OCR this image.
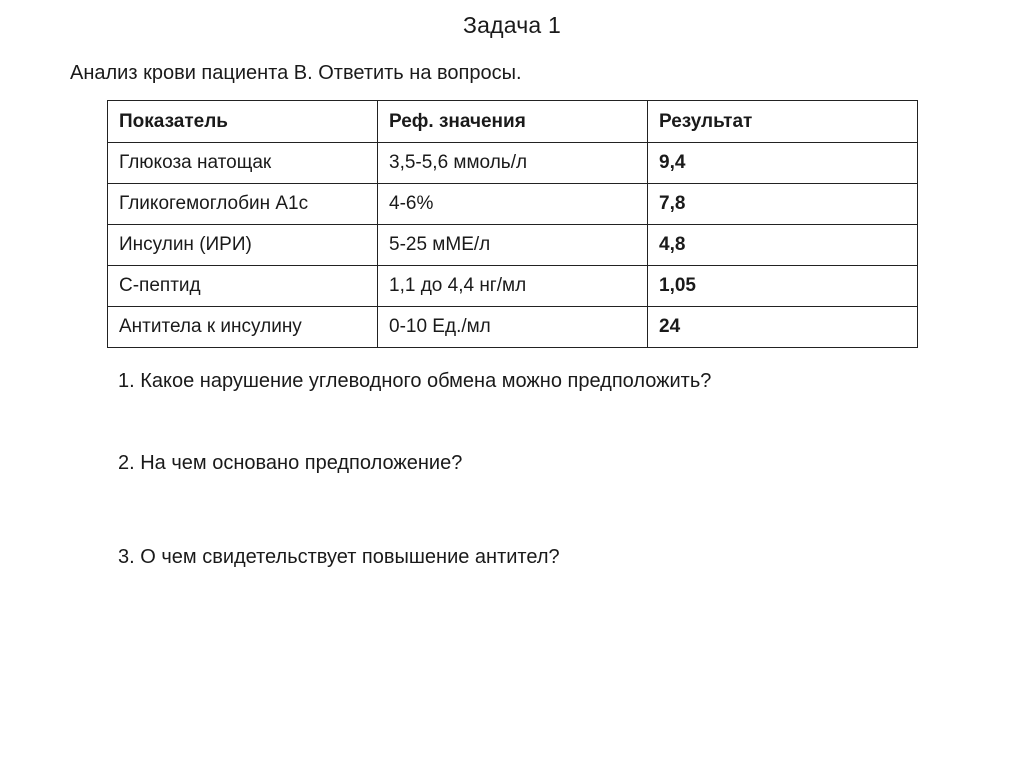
Задача 1
Анализ крови пациента В. Ответить на вопросы.
Показатель	Реф. значения	Результат
Глюкоза натощак	3,5-5,6 ммоль/л	9,4
Гликогемоглобин А1с	4-6%	7,8
Инсулин (ИРИ)	5-25 мМЕ/л	4,8
С-пептид	1,1 до 4,4 нг/мл	1,05
Антитела к инсулину	0-10 Ед./мл	24
1. Какое нарушение углеводного обмена можно предположить?
2. На чем основано предположение?
3. О чем свидетельствует повышение антител?
